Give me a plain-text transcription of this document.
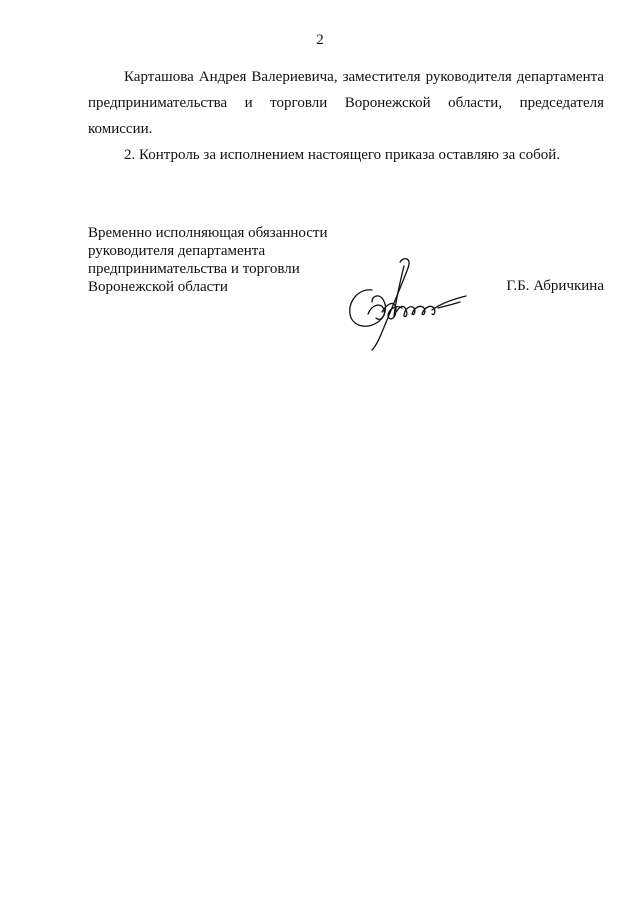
2
Карташова Андрея Валериевича, заместителя руководителя департамента
предпринимательства и торговли Воронежской области, председателя
комиссии.
2. Контроль за исполнением настоящего приказа оставляю за собой.
Временно исполняющая обязанности
руководителя департамента
предпринимательства и торговли
Воронежской области	Г.Б. Абричкина
